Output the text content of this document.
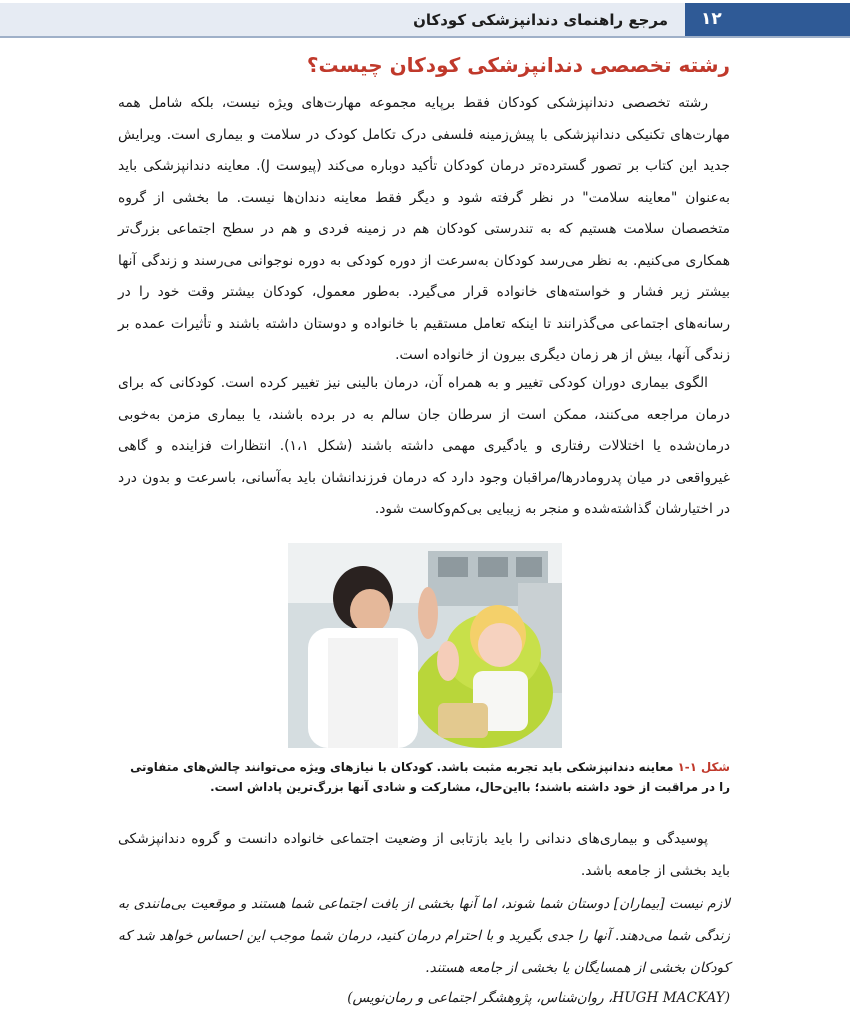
۱۲
مرجع راهنمای دندانپزشکی کودکان
رشته تخصصی دندانپزشکی کودکان چیست؟

رشته تخصصی دندانپزشکی کودکان فقط برپایه مجموعه مهارت‌های ویژه نیست، بلکه شامل همه مهارت‌های تکنیکی دندانپزشکی با پیش‌زمینه فلسفی درک تکامل کودک در سلامت و بیماری است. ویرایش جدید این کتاب بر تصور گسترده‌تر درمان کودکان تأکید دوباره می‌کند (پیوست J). معاینه دندانپزشکی باید به‌عنوان "معاینه سلامت" در نظر گرفته شود و دیگر فقط معاینه دندان‌ها نیست. ما بخشی از گروه متخصصان سلامت هستیم که به تندرستی کودکان هم در زمینه فردی و هم در سطح اجتماعی بزرگ‌تر همکاری می‌کنیم. به نظر می‌رسد کودکان به‌سرعت از دوره کودکی به دوره نوجوانی می‌رسند و زندگی آنها بیشتر زیر فشار و خواسته‌های خانواده قرار می‌گیرد. به‌طور معمول، کودکان بیشتر وقت خود را در رسانه‌های اجتماعی می‌گذرانند تا اینکه تعامل مستقیم با خانواده و دوستان داشته باشند و تأثیرات عمده بر زندگی آنها، بیش از هر زمان دیگری بیرون از خانواده است.

الگوی بیماری دوران کودکی تغییر و به همراه آن، درمان بالینی نیز تغییر کرده است. کودکانی که برای درمان مراجعه می‌کنند، ممکن است از سرطان جان سالم به در برده باشند، یا بیماری مزمن به‌خوبی درمان‌شده یا اختلالات رفتاری و یادگیری مهمی داشته باشند (شکل ۱،۱). انتظارات فزاینده و گاهی غیرواقعی در میان پدرومادرها/مراقبان وجود دارد که درمان فرزندانشان باید به‌آسانی، باسرعت و بدون درد در اختیارشان گذاشته‌شده و منجر به زیبایی بی‌کم‌وکاست شود.

شکل ۱-۱ معاینه دندانپزشکی باید تجربه مثبت باشد. کودکان با نیازهای ویژه می‌توانند چالش‌های متفاوتی را در مراقبت از خود داشته باشند؛ بااین‌حال، مشارکت و شادی آنها بزرگ‌ترین پاداش است.

پوسیدگی و بیماری‌های دندانی را باید بازتابی از وضعیت اجتماعی خانواده دانست و گروه دندانپزشکی باید بخشی از جامعه باشد.

لازم نیست [بیماران] دوستان شما شوند، اما آنها بخشی از بافت اجتماعی شما هستند و موقعیت بی‌مانندی به زندگی شما می‌دهند. آنها را جدی بگیرید و با احترام درمان کنید، درمان شما موجب این احساس خواهد شد که کودکان بخشی از همسایگان یا بخشی از جامعه هستند.

(HUGH MACKAY، روان‌شناس، پژوهشگر اجتماعی و رمان‌نویس)
